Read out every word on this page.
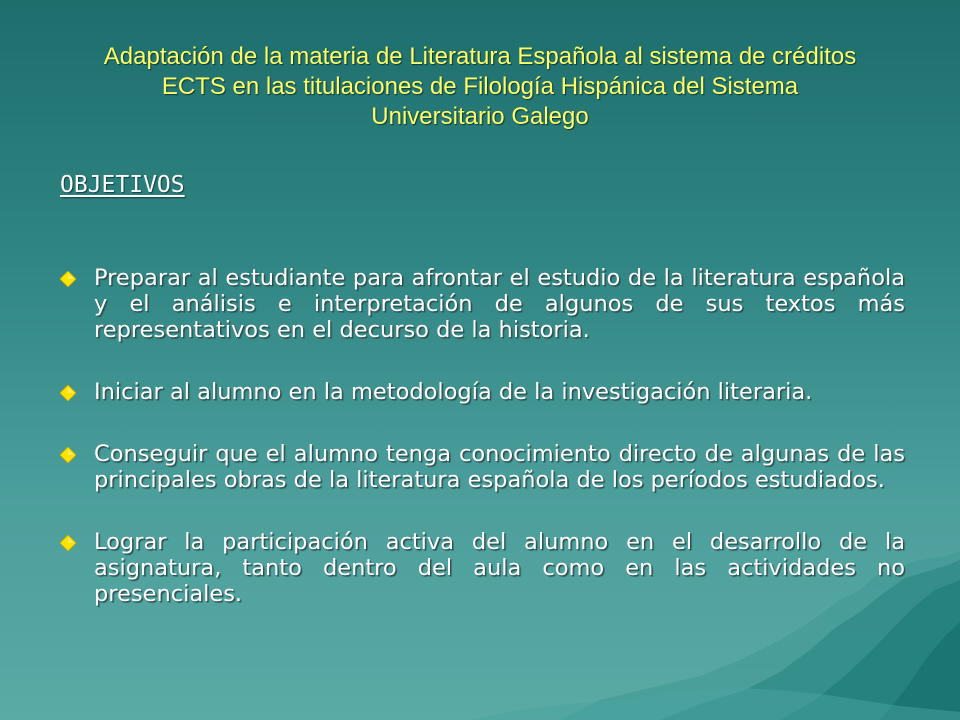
Adaptación de la materia de Literatura Española al sistema de créditos
ECTS en las titulaciones de Filología Hispánica del Sistema
Universitario Galego
OBJETIVOS
Preparar al estudiante para afrontar el estudio de la literatura española y el análisis e interpretación de algunos de sus textos más representativos en el decurso de la historia.
Iniciar al alumno en la metodología de la investigación literaria.
Conseguir que el alumno tenga conocimiento directo de algunas de las principales obras de la literatura española de los períodos estudiados.
Lograr la participación activa del alumno en el desarrollo de la asignatura, tanto dentro del aula como en las actividades no presenciales.
